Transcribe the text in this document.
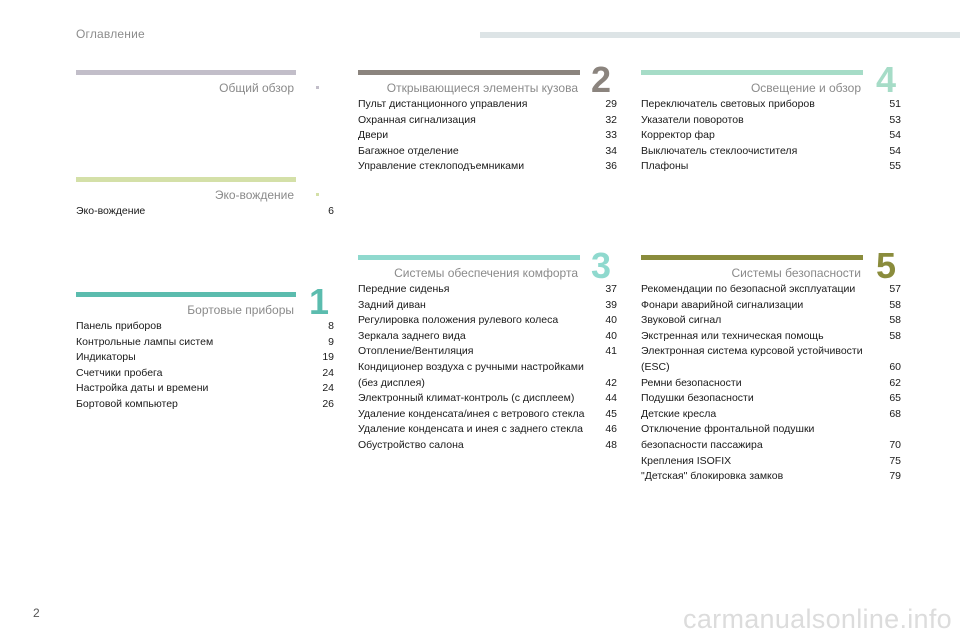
Оглавление
Общий обзор
Эко-вождение
Эко-вождение	6
Бортовые приборы
Панель приборов	8
Контрольные лампы систем	9
Индикаторы	19
Счетчики пробега	24
Настройка даты и времени	24
Бортовой компьютер	26
1
Открывающиеся элементы кузова
Пульт дистанционного управления	29
Охранная сигнализация	32
Двери	33
Багажное отделение	34
Управление стеклоподъемниками	36
2
Системы обеспечения комфорта
Передние сиденья	37
Задний диван	39
Регулировка положения рулевого колеса	40
Зеркала заднего вида	40
Отопление/Вентиляция	41
Кондиционер воздуха с ручными настройками (без дисплея)	42
Электронный климат-контроль (с дисплеем)	44
Удаление конденсата/инея с ветрового стекла	45
Удаление конденсата и инея с заднего стекла	46
Обустройство салона	48
3
Освещение и обзор
Переключатель световых приборов	51
Указатели поворотов	53
Корректор фар	54
Выключатель стеклоочистителя	54
Плафоны	55
4
Системы безопасности
Рекомендации по безопасной эксплуатации	57
Фонари аварийной сигнализации	58
Звуковой сигнал	58
Экстренная или техническая помощь	58
Электронная система курсовой устойчивости (ESC)	60
Ремни безопасности	62
Подушки безопасности	65
Детские кресла	68
Отключение фронтальной подушки безопасности пассажира	70
Крепления ISOFIX	75
"Детская" блокировка замков	79
5
2	carmanualsonline.info
